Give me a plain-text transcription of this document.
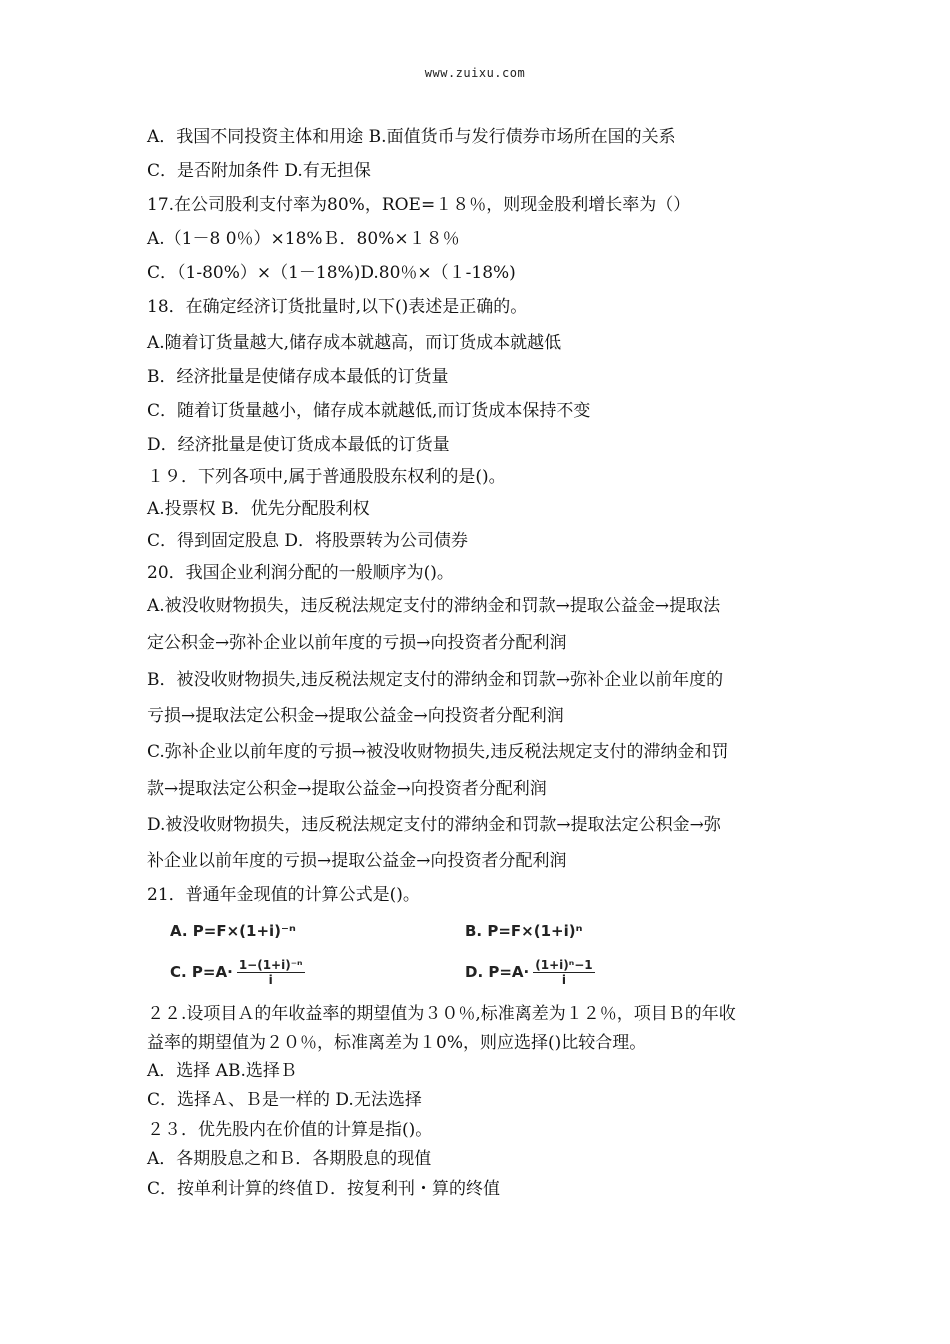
www.zuixu.com
A．我国不同投资主体和用途 B.面值货币与发行债券市场所在国的关系
C．是否附加条件 D.有无担保
17.在公司股利支付率为80%，ROE=１８％，则现金股利增长率为（）
A.（1－8 0％）×18%Ｂ．80%×１８％
C．（1-80%）×（1－18%)D.80％×（１-18%)
18．在确定经济订货批量时,以下()表述是正确的。
A.随着订货量越大,储存成本就越高，而订货成本就越低
B．经济批量是使储存成本最低的订货量
C．随着订货量越小，储存成本就越低,而订货成本保持不变
D．经济批量是使订货成本最低的订货量
１９．下列各项中,属于普通股股东权利的是()。
A.投票权 B．优先分配股利权
C．得到固定股息 D．将股票转为公司债券
20．我国企业利润分配的一般顺序为()。
A.被没收财物损失，违反税法规定支付的滞纳金和罚款→提取公益金→提取法
定公积金→弥补企业以前年度的亏损→向投资者分配利润
B．被没收财物损失,违反税法规定支付的滞纳金和罚款→弥补企业以前年度的
亏损→提取法定公积金→提取公益金→向投资者分配利润
C.弥补企业以前年度的亏损→被没收财物损失,违反税法规定支付的滞纳金和罚
款→提取法定公积金→提取公益金→向投资者分配利润
D.被没收财物损失，违反税法规定支付的滞纳金和罚款→提取法定公积金→弥
补企业以前年度的亏损→提取公益金→向投资者分配利润
21．普通年金现值的计算公式是()。
A. P=F×(1+i)⁻ⁿ	B. P=F×(1+i)ⁿ
C. $P=A\cdot \frac{\text{1−(1+i)⁻ⁿ}}{i}$	D. $P=A\cdot \frac{\text{(1+i)ⁿ−1}}{i}$
２２.设项目Ａ的年收益率的期望值为３０％,标准离差为１２％，项目Ｂ的年收
益率的期望值为２０％，标准离差为１0%，则应选择()比较合理。
A．选择 AB.选择Ｂ
C．选择Ａ、Ｂ是一样的 D.无法选择
２３．优先股内在价值的计算是指()。
A．各期股息之和Ｂ．各期股息的现值
C．按单利计算的终值Ｄ．按复利刊・算的终值
